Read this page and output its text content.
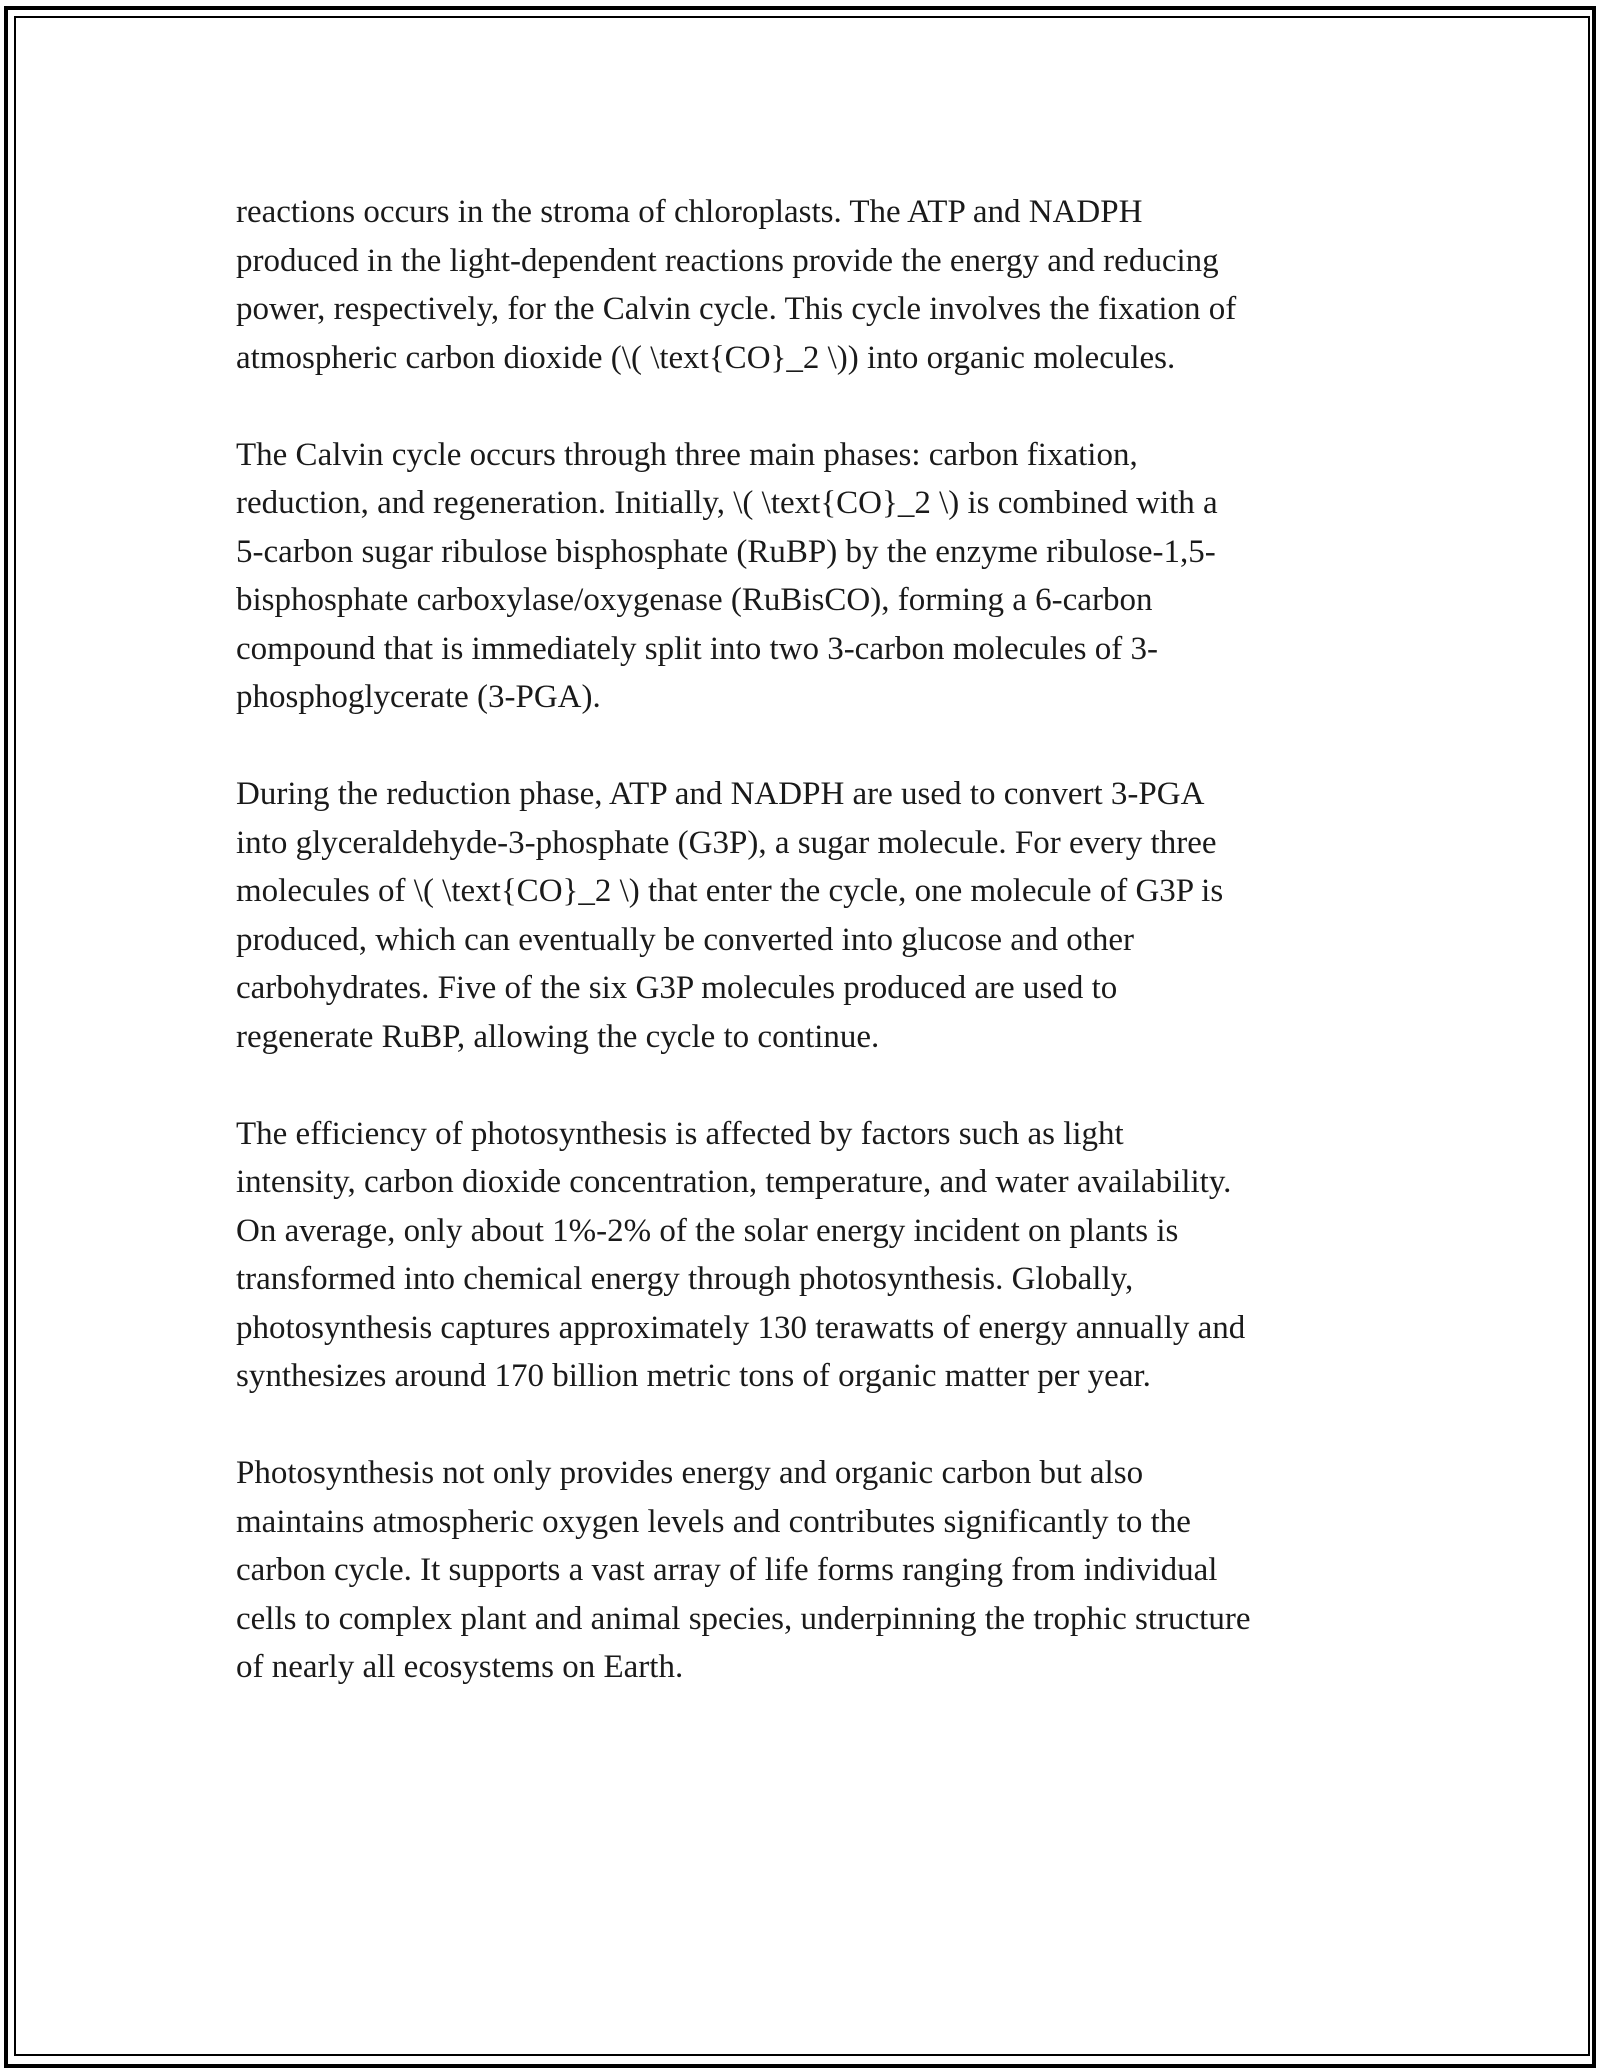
reactions occurs in the stroma of chloroplasts. The ATP and NADPH
produced in the light-dependent reactions provide the energy and reducing
power, respectively, for the Calvin cycle. This cycle involves the fixation of
atmospheric carbon dioxide (\( \text{CO}_2 \)) into organic molecules.

The Calvin cycle occurs through three main phases: carbon fixation,
reduction, and regeneration. Initially, \( \text{CO}_2 \) is combined with a
5-carbon sugar ribulose bisphosphate (RuBP) by the enzyme ribulose-1,5-
bisphosphate carboxylase/oxygenase (RuBisCO), forming a 6-carbon
compound that is immediately split into two 3-carbon molecules of 3-
phosphoglycerate (3-PGA).

During the reduction phase, ATP and NADPH are used to convert 3-PGA
into glyceraldehyde-3-phosphate (G3P), a sugar molecule. For every three
molecules of \( \text{CO}_2 \) that enter the cycle, one molecule of G3P is
produced, which can eventually be converted into glucose and other
carbohydrates. Five of the six G3P molecules produced are used to
regenerate RuBP, allowing the cycle to continue.

The efficiency of photosynthesis is affected by factors such as light
intensity, carbon dioxide concentration, temperature, and water availability.
On average, only about 1%-2% of the solar energy incident on plants is
transformed into chemical energy through photosynthesis. Globally,
photosynthesis captures approximately 130 terawatts of energy annually and
synthesizes around 170 billion metric tons of organic matter per year.

Photosynthesis not only provides energy and organic carbon but also
maintains atmospheric oxygen levels and contributes significantly to the
carbon cycle. It supports a vast array of life forms ranging from individual
cells to complex plant and animal species, underpinning the trophic structure
of nearly all ecosystems on Earth.
